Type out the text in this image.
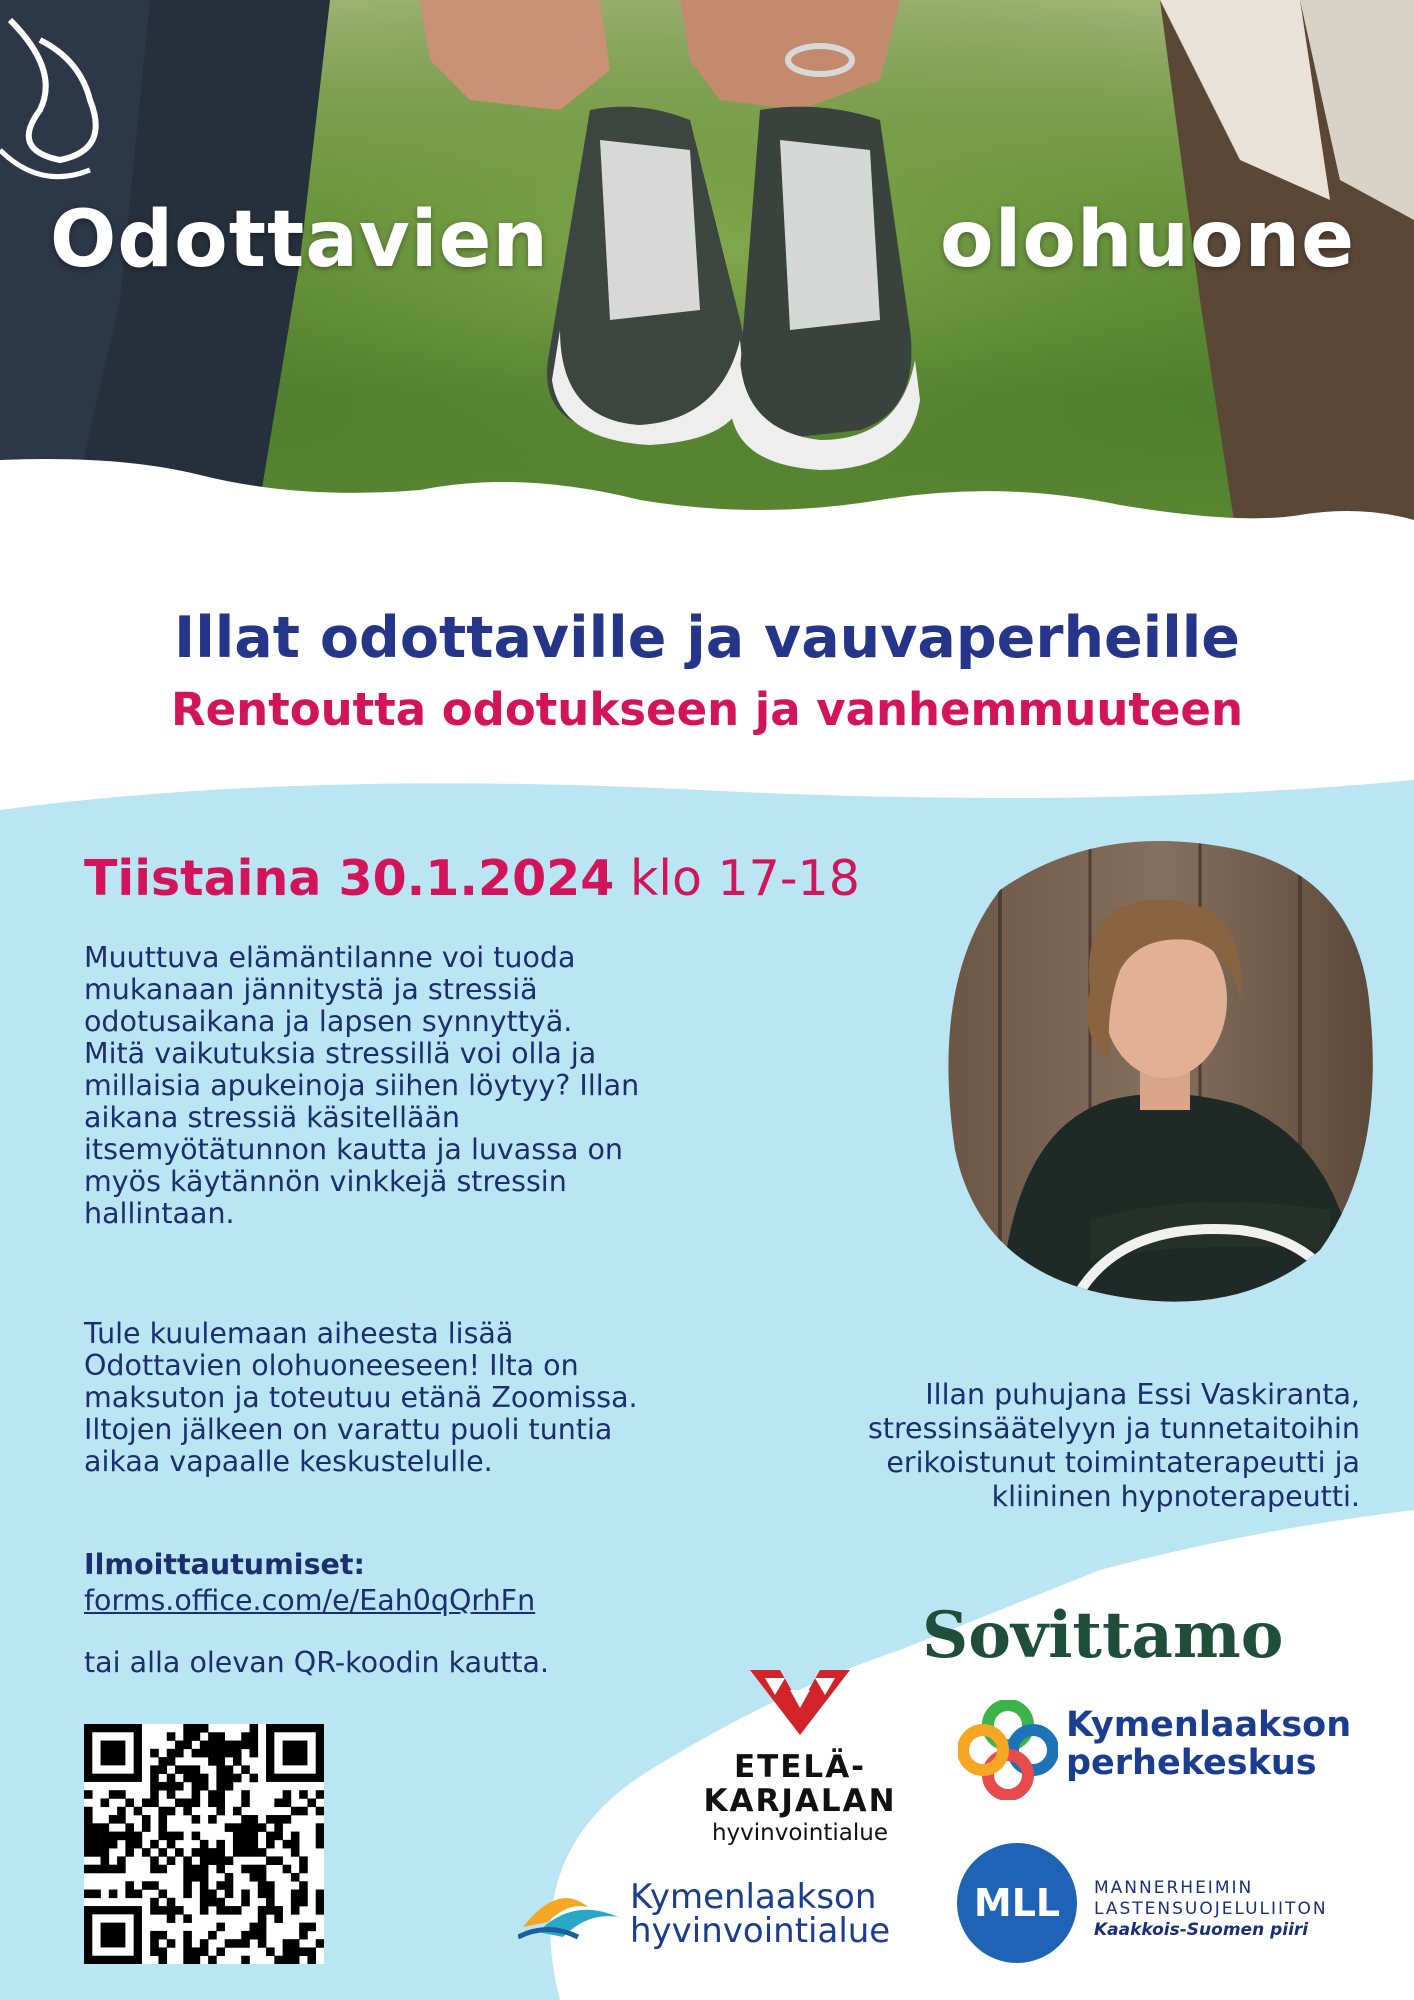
Odottavien	olohuone
Illat odottaville ja vauvaperheille
Rentoutta odotukseen ja vanhemmuuteen
Tiistaina 30.1.2024 klo 17-18
Muuttuva elämäntilanne voi tuoda
mukanaan jännitystä ja stressiä
odotusaikana ja lapsen synnyttyä.
Mitä vaikutuksia stressillä voi olla ja
millaisia apukeinoja siihen löytyy? Illan
aikana stressiä käsitellään
itsemyötätunnon kautta ja luvassa on
myös käytännön vinkkejä stressin
hallintaan.
Tule kuulemaan aiheesta lisää
Odottavien olohuoneeseen! Ilta on
maksuton ja toteutuu etänä Zoomissa.
Iltojen jälkeen on varattu puoli tuntia
aikaa vapaalle keskustelulle.
Ilmoittautumiset:
forms.office.com/e/Eah0qQrhFn
tai alla olevan QR-koodin kautta.
Illan puhujana Essi Vaskiranta,
stressinsäätelyyn ja tunnetaitoihin
erikoistunut toimintaterapeutti ja
kliininen hypnoterapeutti.
Sovittamo
ETELÄ-
KARJALAN
hyvinvointialue
Kymenlaakson
perhekeskus
Kymenlaakson
hyvinvointialue
MLL MANNERHEIMIN
LASTENSUOJELULIITON
Kaakkois-Suomen piiri
